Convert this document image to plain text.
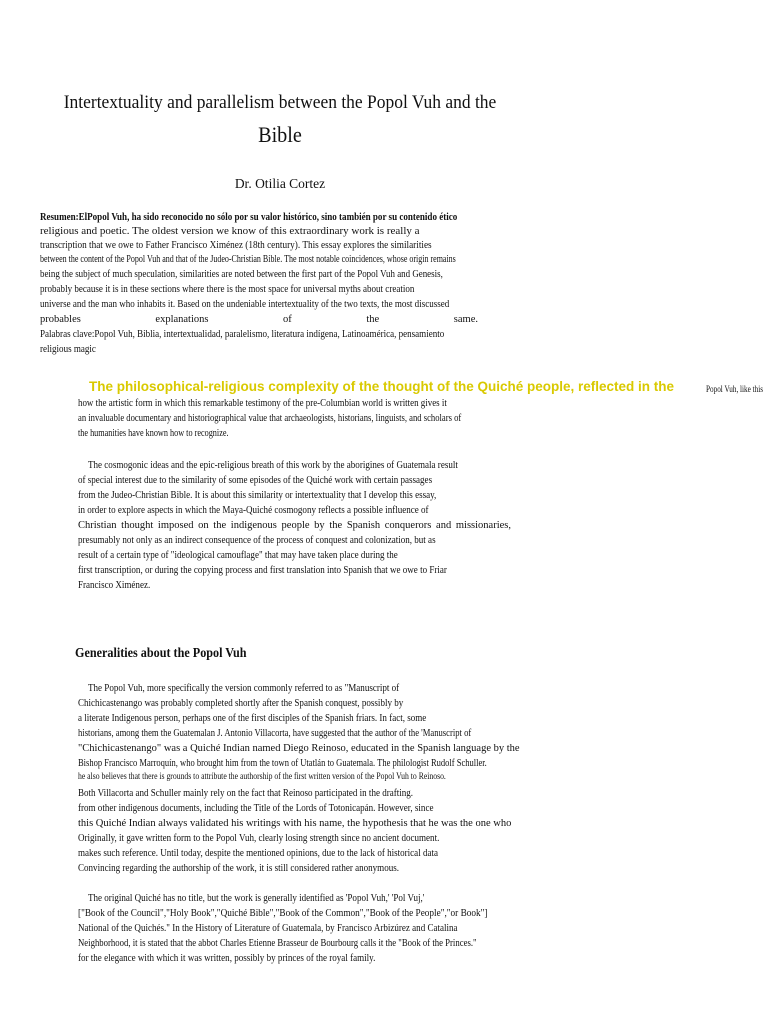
Intertextuality and parallelism between the Popol Vuh and the
Bible
Dr. Otilia Cortez
Resumen:ElPopol Vuh, ha sido reconocido no sólo por su valor histórico, sino también por su contenido ético
religious and poetic. The oldest version we know of this extraordinary work is really a
transcription that we owe to Father Francisco Ximénez (18th century). This essay explores the similarities
between the content of the Popol Vuh and that of the Judeo-Christian Bible. The most notable coincidences, whose origin remains
being the subject of much speculation, similarities are noted between the first part of the Popol Vuh and Genesis,
probably because it is in these sections where there is the most space for universal myths about creation
universe and the man who inhabits it. Based on the undeniable intertextuality of the two texts, the most discussed
probables explanations of the same.
Palabras clave:Popol Vuh, Biblia, intertextualidad, paralelismo, literatura indígena, Latinoamérica, pensamiento
religious magic
The philosophical-religious complexity of the thought of the Quiché people, reflected in the	Popol Vuh, like this
how the artistic form in which this remarkable testimony of the pre-Columbian world is written gives it
an invaluable documentary and historiographical value that archaeologists, historians, linguists, and scholars of
the humanities have known how to recognize.
The cosmogonic ideas and the epic-religious breath of this work by the aborigines of Guatemala result
of special interest due to the similarity of some episodes of the Quiché work with certain passages
from the Judeo-Christian Bible. It is about this similarity or intertextuality that I develop this essay,
in order to explore aspects in which the Maya-Quiché cosmogony reflects a possible influence of
Christian thought imposed on the indigenous people by the Spanish conquerors and missionaries,
presumably not only as an indirect consequence of the process of conquest and colonization, but as
result of a certain type of "ideological camouflage" that may have taken place during the
first transcription, or during the copying process and first translation into Spanish that we owe to Friar
Francisco Ximénez.
Generalities about the Popol Vuh
The Popol Vuh, more specifically the version commonly referred to as "Manuscript of
Chichicastenango was probably completed shortly after the Spanish conquest, possibly by
a literate Indigenous person, perhaps one of the first disciples of the Spanish friars. In fact, some
historians, among them the Guatemalan J. Antonio Villacorta, have suggested that the author of the 'Manuscript of
"Chichicastenango" was a Quiché Indian named Diego Reinoso, educated in the Spanish language by the
Bishop Francisco Marroquín, who brought him from the town of Utatlán to Guatemala. The philologist Rudolf Schuller.
he also believes that there is grounds to attribute the authorship of the first written version of the Popol Vuh to Reinoso.
Both Villacorta and Schuller mainly rely on the fact that Reinoso participated in the drafting.
from other indigenous documents, including the Title of the Lords of Totonicapán. However, since
this Quiché Indian always validated his writings with his name, the hypothesis that he was the one who
Originally, it gave written form to the Popol Vuh, clearly losing strength since no ancient document.
makes such reference. Until today, despite the mentioned opinions, due to the lack of historical data
Convincing regarding the authorship of the work, it is still considered rather anonymous.
The original Quiché has no title, but the work is generally identified as 'Popol Vuh,' 'Pol Vuj,'
["Book of the Council","Holy Book","Quiché Bible","Book of the Common","Book of the People","or Book"]
National of the Quichés." In the History of Literature of Guatemala, by Francisco Arbizúrez and Catalina
Neighborhood, it is stated that the abbot Charles Etienne Brasseur de Bourbourg calls it the "Book of the Princes."
for the elegance with which it was written, possibly by princes of the royal family.
